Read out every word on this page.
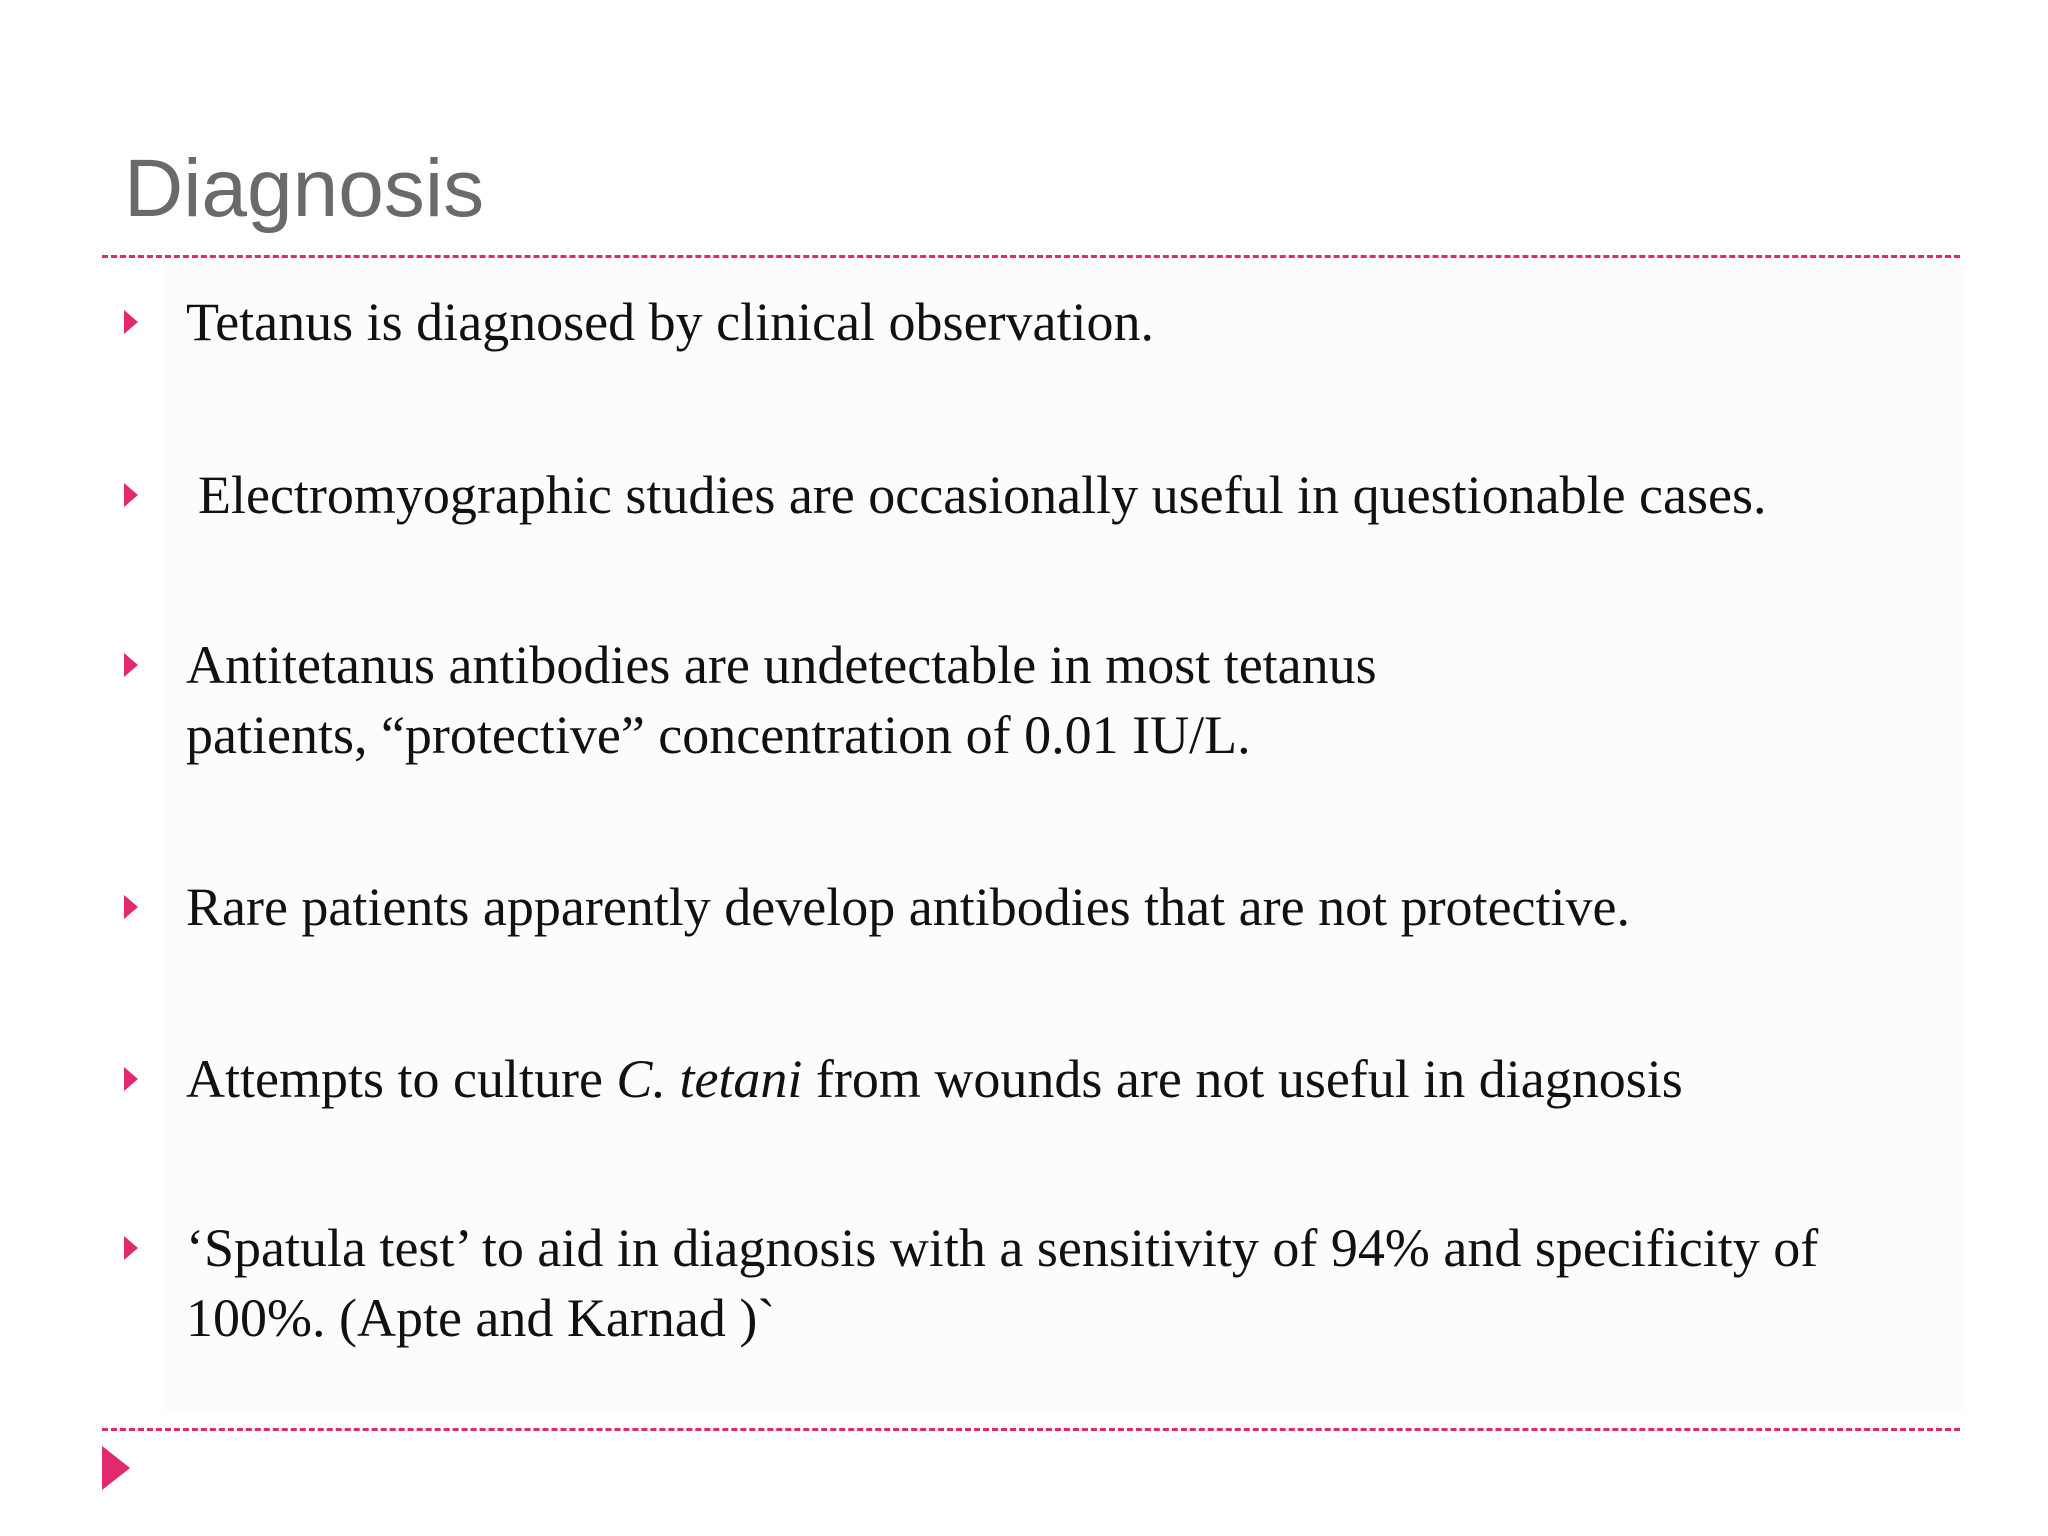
Diagnosis
Tetanus is diagnosed by clinical observation.
Electromyographic studies are occasionally useful in questionable cases.
Antitetanus antibodies are undetectable in most tetanus
patients, “protective” concentration of 0.01 IU/L.
Rare patients apparently develop antibodies that are not protective.
Attempts to culture C. tetani from wounds are not useful in diagnosis
‘Spatula test’ to aid in diagnosis with a sensitivity of 94% and specificity of
100%. (Apte and Karnad )`
